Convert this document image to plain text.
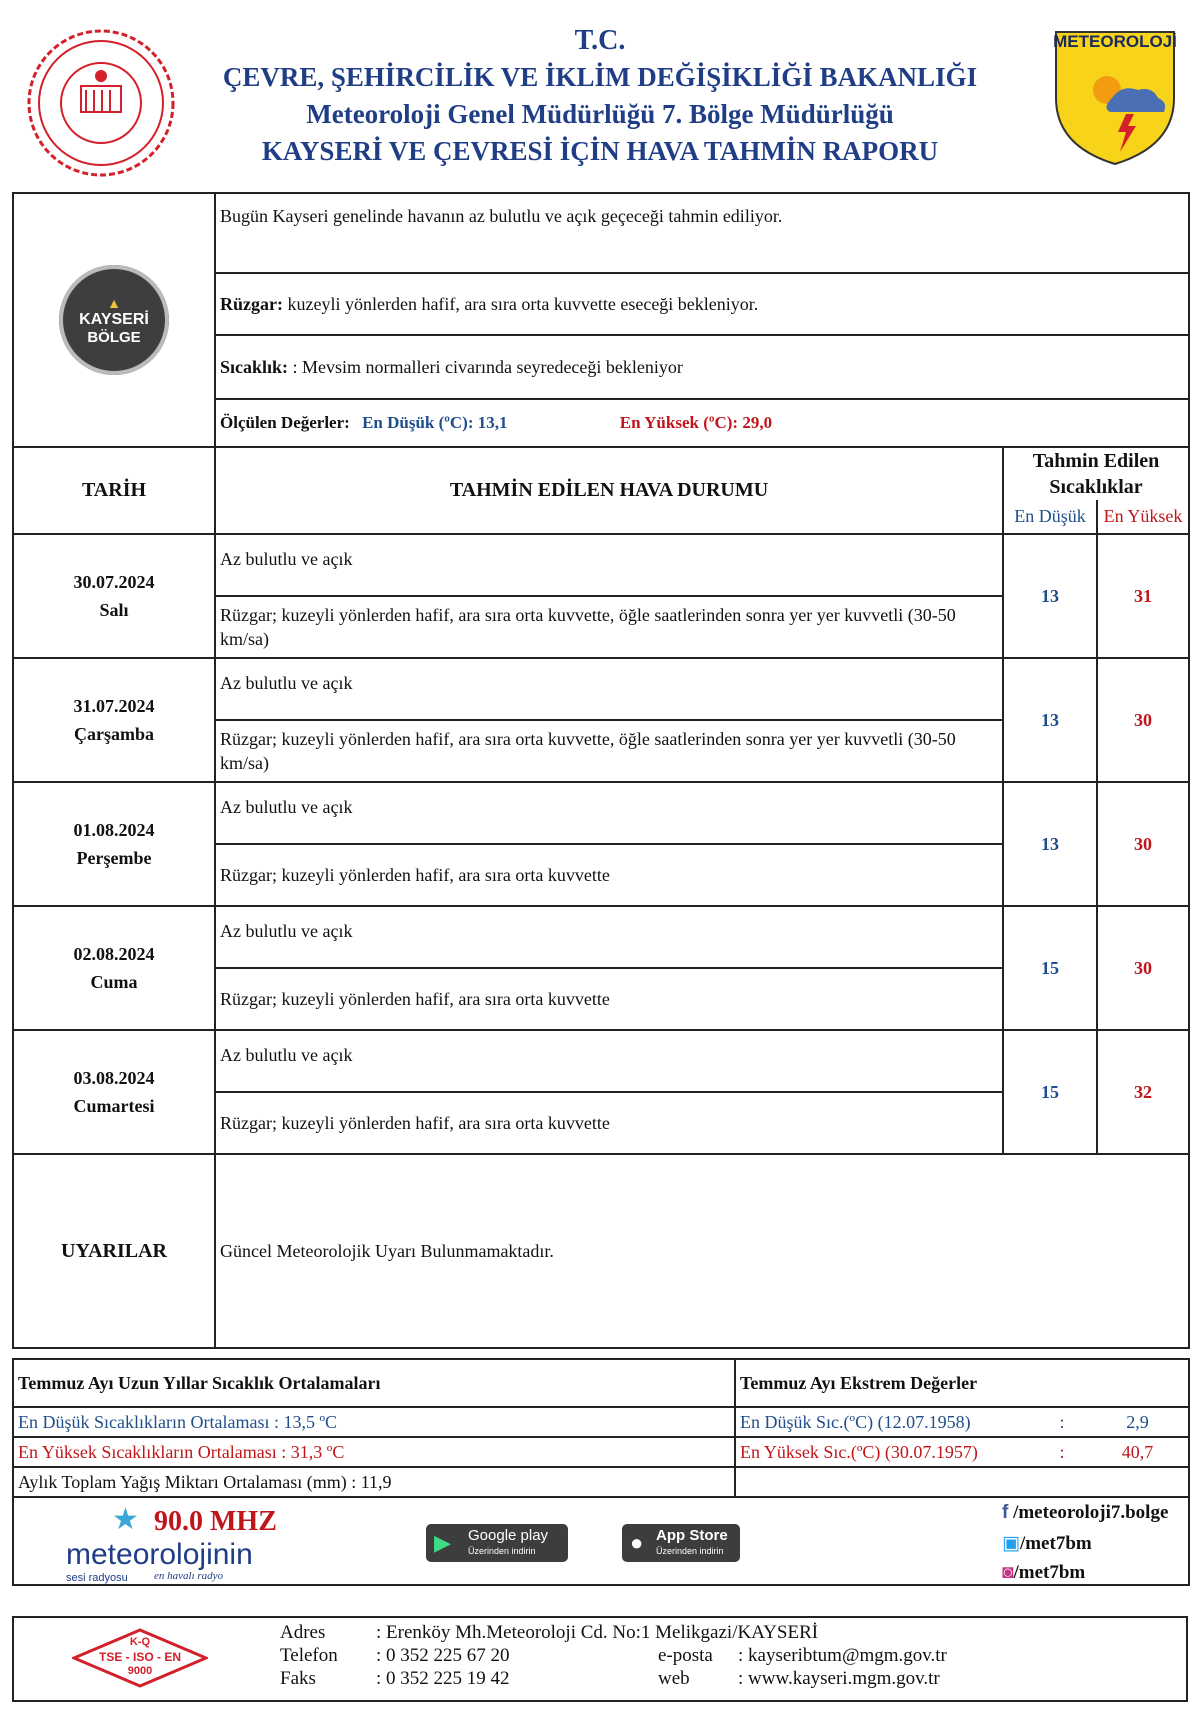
T.C.
ÇEVRE, ŞEHİRCİLİK VE İKLİM DEĞİŞİKLİĞİ BAKANLIĞI
Meteoroloji Genel Müdürlüğü 7. Bölge Müdürlüğü
KAYSERİ VE ÇEVRESİ İÇİN HAVA TAHMİN RAPORU
METEOROLOJİ
▲
KAYSERİ
BÖLGE	Bugün Kayseri genelinde havanın az bulutlu ve açık geçeceği tahmin ediliyor.		
	Rüzgar: kuzeyli yönlerden hafif, ara sıra orta kuvvette eseceği bekleniyor.		
	Sıcaklık: : Mevsim normalleri civarında seyredeceği bekleniyor		
	Ölçülen Değerler: En Düşük (ºC): 13,1 En Yüksek (ºC): 29,0		
TARİH	TAHMİN EDİLEN HAVA DURUMU	Tahmin Edilen Sıcaklıklar	
		En Düşük	En Yüksek

30.07.2024
Salı	Az bulutlu ve açık	13	31
	Rüzgar; kuzeyli yönlerden hafif, ara sıra orta kuvvette, öğle saatlerinden sonra yer yer kuvvetli (30-50 km/sa)		

31.07.2024
Çarşamba	Az bulutlu ve açık	13	30
	Rüzgar; kuzeyli yönlerden hafif, ara sıra orta kuvvette, öğle saatlerinden sonra yer yer kuvvetli (30-50 km/sa)		

01.08.2024
Perşembe	Az bulutlu ve açık	13	30
	Rüzgar; kuzeyli yönlerden hafif, ara sıra orta kuvvette		

02.08.2024
Cuma	Az bulutlu ve açık	15	30
	Rüzgar; kuzeyli yönlerden hafif, ara sıra orta kuvvette		

03.08.2024
Cumartesi	Az bulutlu ve açık	15	32
	Rüzgar; kuzeyli yönlerden hafif, ara sıra orta kuvvette		
UYARILAR	Güncel Meteorolojik Uyarı Bulunmamaktadır.		
Temmuz Ayı Uzun Yıllar Sıcaklık Ortalamaları	Temmuz Ayı Ekstrem Değerler		
En Düşük Sıcaklıkların Ortalaması : 13,5 ºC	En Düşük Sıc.(ºC) (12.07.1958)	:	2,9
En Yüksek Sıcaklıkların Ortalaması : 31,3 ºC	En Yüksek Sıc.(ºC) (30.07.1957)	:	40,7
Aylık Toplam Yağış Miktarı Ortalaması (mm) : 11,9			

★ 90.0 MHZ
meteorolojinin
sesi radyosu en havalı radyo
▶ Google play
Üzerinden indirin	● App Store
Üzerinden indirin
f /meteoroloji7.bolge
▣/met7bm
◙/met7bm
K-Q
TSE - ISO - EN
9000
Adres	: Erenköy Mh.Meteoroloji Cd. No:1 Melikgazi/KAYSERİ
Telefon : 0 352 225 67 20
Faks	: 0 352 225 19 42
e-posta : kayseribtum@mgm.gov.tr
web	: www.kayseri.mgm.gov.tr
